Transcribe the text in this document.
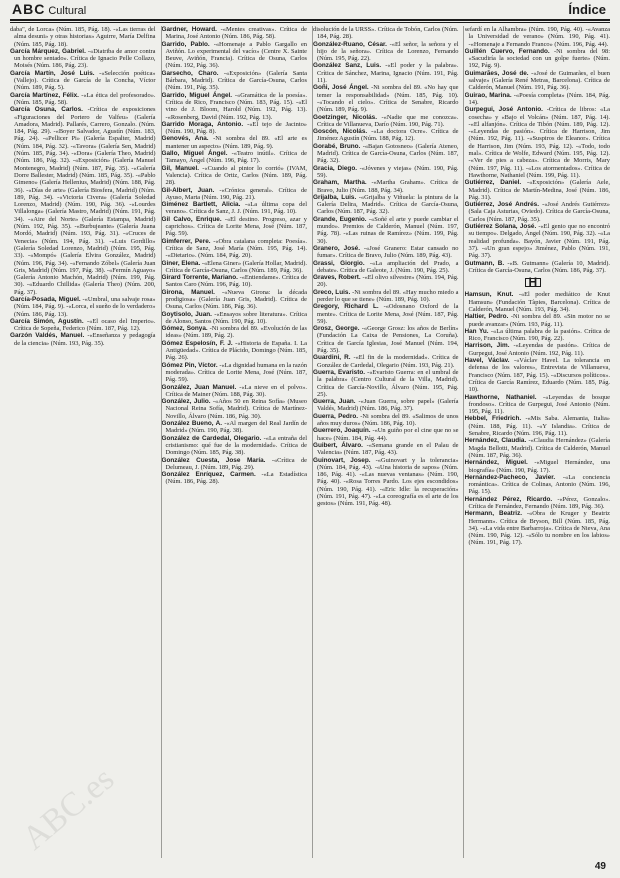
ABC Cultural	Índice

daba", de Lorca» (Núm. 185, Pág. 18). -«Las tierras del alma desuni» y otras historias» Aguirre, María Delfina (Núm. 185, Pág. 18).

García Márquez, Gabriel. -«Diatriba de amor contra un hombre sentado». Crítica de Ignacio Pelle Collazo, Moisés (Núm. 186, Pág. 23).

García Martín, José Luis. -«Selección poética» (Vallejo). Crítica de García de la Concha, Víctor (Núm. 189, Pág. 5).

García Martínez, Félix. -«La ética del profesorado». (Núm. 185, Pág. 58).

García Osuna, Carlos. -Crítica de exposiciones «Figuraciones del Portero de Valfeu» (Galería Amadora, Madrid). Pallarés, Carrero, Gonzalo. (Núm. 184, Pág. 29). -«Boyer Salvador, Agustín (Núm. 183, Pág. 24). -«Pellicer Pi» (Galería Espalter, Madrid) (Núm. 184, Pág. 32). -«Tavora» (Galería Sen, Madrid) (Núm. 185, Pág. 34). -«Dora» (Galería Theo, Madrid) (Núm. 186, Pág. 32). -«Exposición» (Galería Manuel Montenegro, Madrid) (Núm. 187, Pág. 35). -«Galería Dorre Ballester, Madrid) (Núm. 185, Pág. 35). -«Pablo Gimeno» (Galería Hellenius, Madrid) (Núm. 188, Pág. 36). -«Días de arte» (Galería Biosfera, Madrid) (Núm. 189, Pág. 34). -«Victoria Civera» (Galería Soledad Lorenzo, Madrid) (Núm. 190, Pág. 36). -«Lourdes Villalonga» (Galería Mastro, Madrid) (Núm. 191, Pág. 34). -«Aire del Norte» (Galería Estampa, Madrid) (Núm. 192, Pág. 35). -«Burbujeante» (Galería Juana Mordó, Madrid) (Núm. 193, Pág. 31). -«Cruces de Venecia» (Núm. 194, Pág. 31). -«Luis Gordillo» (Galería Soledad Lorenzo, Madrid) (Núm. 195, Pág. 33). -«Mompó» (Galería Elvira González, Madrid) (Núm. 196, Pág. 34). -«Fernando Zóbel» (Galería Juan Gris, Madrid) (Núm. 197, Pág. 38). -«Fermín Aguayo» (Galería Antonio Machón, Madrid) (Núm. 199, Pág. 30). -«Eduardo Chillida» (Galería Theo) (Núm. 200, Pág. 37).

García-Posada, Miguel. -«Umbral, una salvaje rosa» (Núm. 184, Pág. 9). -«Lorca, el sueño de lo verdadero» (Núm. 186, Pág. 13).

García Simón, Agustín. -«El ocaso del Imperio». Crítica de Sopeña, Federico (Núm. 187, Pág. 12).

Garzón Valdés, Manuel. -«Enseñanza y pedagogía de la ciencia» (Núm. 193, Pág. 35).

Gardner, Howard. -«Mentes creativas». Crítica de Marina, José Antonio (Núm. 186, Pág. 58).

Garrido, Pablo. -«Homenaje a Pablo Gargallo en Aviñón. Lo experimental del vacío» (Centre X. Sainte Beuve, Aviñón, Francia). Crítica de Osuna, Carlos (Núm. 192, Pág. 36).

Garsecho, Charo. -«Exposición» (Galería Santa Bárbara, Madrid). Crítica de García-Osuna, Carlos (Núm. 191, Pág. 35).

Garrido, Miguel Ángel. -«Gramática de la poesía». Crítica de Rico, Francisco (Núm. 183, Pág. 15). -«El vino de J. Bloom, Harold (Núm. 192, Pág. 13). -«Rosenberg, David (Núm. 192, Pág. 13).

Garrido Moraga, Antonio. -«El tejo de Jacinto» (Núm. 190, Pág. 8).

Genovés, Ana. -Ni sombra del 89. «El arte es mantener un aspecto» (Núm. 189, Pág. 9).

Gallo, Miguel Ángel. -«Teatro inútil». Crítica de Tamayo, Ángel (Núm. 196, Pág. 17).

Gil, Manuel. -«Cuando al pintor lo corrió» (IVAM, Valencia). Crítica de Ortiz, Carlos (Núm. 189, Pág. 28).

Gil-Albert, Juan. -«Crónica general». Crítica de Ayuso, Marta (Núm. 190, Pág. 21).

Giménez Bartlett, Alicia. -«La última copa del verano». Crítica de Sanz, J. J. (Núm. 191, Pág. 10).

Gil Calvo, Enrique. -«El destino. Progreso, azar y caprichos». Crítica de Lorite Mena, José (Núm. 187, Pág. 59).

Gimferrer, Pere. -«Obra catalana completa: Poesía». Crítica de Sanz, José María (Núm. 195, Pág. 14). -«Dietario». (Núm. 184, Pág. 20).

Giner, Elena. -«Elena Giner» (Galería Hollar, Madrid). Crítica de García-Osuna, Carlos (Núm. 189, Pág. 36).

Girard Torrente, Mariano. -«Entiendame». Crítica de Santos Caro (Núm. 196, Pág. 10).

Girona, Manuel. -«Nueva Girona: la década prodigiosa» (Galería Juan Gris, Madrid). Crítica de Osuna, Carlos (Núm. 186, Pág. 36).

Goytisolo, Juan. -«Ensayos sobre literatura». Crítica de Alonso, Santos (Núm. 190, Pág. 10).

Gómez, Sonya. -Ni sombra del 89. «Evolución de las ideas» (Núm. 189, Pág. 2).

Gómez Espelosín, F. J. -«Historia de España. I. La Antigüedad». Crítica de Plácido, Domingo (Núm. 185, Pág. 26).

Gómez Pin, Víctor. -«La dignidad humana en la razón moderada». Crítica de Lorite Mena, José (Núm. 187, Pág. 59).

González, Juan Manuel. -«La nieve en el polvo». Crítica de Mainer (Núm. 188, Pág. 30).

González, Julio. -«Años 50 en Reina Sofía» (Museo Nacional Reina Sofía, Madrid). Crítica de Martínez-Novillo, Álvaro (Núm. 186, Pág. 30).

González Bueno, A. -«Al margen del Real Jardín de Madrid» (Núm. 190, Pág. 38).

González de Cardedal, Olegario. -«La entraña del cristianismo: qué fue de la modernidad». Crítica de Domingo (Núm. 185, Pág. 38).

González Cuesta, Jose María. -«Crítica de Delumeau, J. (Núm. 189, Pág. 29).

González Enríquez, Carmen. -«La Estadística (Núm. 186, Pág. 28).

disolución de la URSS». Crítica de Tobón, Carlos (Núm. 184, Pág. 28).

González-Ruano, César. -«El señor, la señora y el hijo de la señora». Crítica de Lorenzo, Fernando (Núm. 195, Pág. 22).

González Sanz, Luis. -«El poder y la palabra». Crítica de Sánchez, Marina, Ignacio (Núm. 191, Pág. 11).

Goñi, José Ángel. -Ni sombra del 89. «No hay que temer la responsabilidad» (Núm. 185, Pág. 10). -«Tocando el cielo». Crítica de Senabre, Ricardo (Núm. 189, Pág. 9).

Goetzinger, Nicolás. -«Nadie que me conozca». Crítica de Villanueva, Darío (Núm. 190, Pág. 71).

Goscón, Nicolás. -«La doctora Ocre». Crítica de Jiménez Agustín (Núm. 188, Pág. 12).

Gorabé, Bruno. -«Bajan Gotosneo» (Galería Ateneo, Madrid). Crítica de García-Osuna, Carlos (Núm. 187, Pág. 32).

Gracia, Diego. -«Jóvenes y viejas» (Núm. 190, Pág. 59).

Graham, Martha. -«Martha Graham». Crítica de Bravo, Julio (Núm. 188, Pág. 34).

Grijalba, Luis. -«Grijalba y Viñuela: la pintura de la Galería Delira, Madrid». Crítica de García-Osuna, Carlos (Núm. 187, Pág. 32).

Grande, Eugenio. -«Soñé el arte y puede cambiar el mundo». Premios de Calderón, Manuel (Núm. 197, Pág. 78). -«Las ruinas de Ramírez» (Núm. 199, Pág. 30).

Granero, José. -«José Granero: Estar cansado no fumar». Crítica de Bravo, Julio (Núm. 189, Pág. 43).

Grassi, Giorgio. -«La ampliación del Prado, a debate». Crítica de Galeote, J. (Núm. 190, Pág. 25).

Graves, Robert. -«El olivo silvestre» (Núm. 194, Pág. 20).

Greco, Luis. -Ni sombra del 89. «Hay mucho miedo a perder lo que se tiene» (Núm. 189, Pág. 10).

Gregory, Richard L. -«Odosnano Oxford de la mente». Crítica de Lorite Mena, José (Núm. 187, Pág. 59).

Grosz, George. -«George Grosz: los años de Berlín» (Fundación La Caixa de Pensiones, La Coruña). Crítica de García Iglesias, José Manuel (Núm. 194, Pág. 35).

Guardini, R. -«El fin de la modernidad». Crítica de González de Cardedal, Olegario (Núm. 193, Pág. 21).

Guerra, Evaristo. -«Evaristo Guerra: en el umbral de la palabra» (Centro Cultural de la Villa, Madrid). Crítica de García-Novillo, Álvaro (Núm. 195, Pág. 25).

Guerra, Juan. -«Juan Guerra, sobre papel» (Galería Valdés, Madrid) (Núm. 186, Pág. 37).

Guerra, Pedro. -Ni sombra del 89. «Salimos de unos años muy duros» (Núm. 186, Pág. 10).

Guerrero, Joaquín. -«Un guiño por el cine que no se hace» (Núm. 184, Pág. 44).

Guibert, Álvaro. -«Semana grande en el Palau de Valencia» (Núm. 187, Pág. 43).

Guinovart, Josep. -«Guinovart y la tolerancia» (Núm. 184, Pág. 43). -«Una historia de sapos» (Núm. 186, Pág. 41). -«Las nuevas ventanas» (Núm. 190, Pág. 40). -«Rosa Torres Pardo. Los ejes escondidos» (Núm. 190, Pág. 41). -«Eric Idle: la recuperación» (Núm. 191, Pág. 47). -«La coreografía es el arte de los gestos» (Núm. 191, Pág. 48).

sefardí en la Alhambra» (Núm. 190, Pág. 40). -«Avanza la Universidad de verano» (Núm. 190, Pág. 41). -«Homenaje a Fernando Franco» (Núm. 196, Pág. 44).

Guillén Cuervo, Fernando. -Ni sombra del 98: «Sacudiría la sociedad con un golpe fuerte» (Núm. 192, Pág. 9).

Guimarães, José de. -«José de Guimarães, el buen salvaje» (Galería René Metras, Barcelona). Crítica de Calderón, Manuel (Núm. 191, Pág. 36).

Guirao, Marina. -«Poesía completa» (Núm. 184, Pág. 14).

Gurpegui, José Antonio. -Crítica de libros: «La cosecha» y «Bajo el Volcán» (Núm. 187, Pág. 14). -«El alfanjón». Crítica de Tibón (Núm. 189, Pág. 12). -«Leyendas de pasión». Crítica de Harrison, Jim (Núm. 192, Pág. 11). -«Suspiros de Eleanor». Crítica de Harrison, Jim (Núm. 193, Pág. 12). -«Todo, todo mal». Crítica de Wolfe, Edward (Núm. 195, Pág. 12). -«Ver de pies a cabeza». Crítica de Morris, Mary (Núm. 197, Pág. 11). -«Los atormentados». Crítica de Hawthorne, Nathaniel (Núm. 199, Pág. 11).

Gutiérrez, Daniel. -«Exposición» (Galería Aele, Madrid). Crítica de Martín-Medina, José (Núm. 186, Pág. 31).

Gutiérrez, José Andrés. -«José Andrés Gutiérrez» (Sala Caja Asturias, Oviedo). Crítica de García-Osuna, Carlos (Núm. 187, Pág. 35).

Gutiérrez Solana, José. -«El genio que no encontró su tiempo». Delgado, Ángel (Núm. 190, Pág. 32). -«La realidad profunda». Bayón, Javier (Núm. 191, Pág. 37). -«Un gran espejo» Jiménez, Pablo (Núm. 191, Pág. 37).

Gutmann, B. -«B. Gutmann» (Galería 10, Madrid). Crítica de García-Osuna, Carlos (Núm. 186, Pág. 37).

H

Hamsun, Knut. -«El poder mediático de Knut Hamsun» (Fundación Tàpies, Barcelona). Crítica de Calderón, Manuel (Núm. 193, Pág. 34).

Haltier, Pedro. -Ni sombra del 89. «Sin motor no se puede avanzar» (Núm. 193, Pág. 11).

Han Yu. -«La última palabra de la pasión». Crítica de Rico, Francisco (Núm. 190, Pág. 22).

Harrison, Jim. -«Leyendas de pasión». Crítica de Gurpegui, José Antonio (Núm. 192, Pág. 11).

Havel, Václav. -«Václav Havel. La tolerancia en defensa de los valores», Entrevista de Villanueva, Francisco (Núm. 187, Pág. 15). -«Discursos políticos». Crítica de García Ramírez, Eduardo (Núm. 185, Pág. 10).

Hawthorne, Nathaniel. -«Leyendas de bosque frondoso». Crítica de Gurpegui, José Antonio (Núm. 195, Pág. 11).

Hebbel, Friedrich. -«Mis Saba. Alemania, Italia» (Núm. 188, Pág. 11). -«Y Islandia». Crítica de Senabre, Ricardo (Núm. 196, Pág. 11).

Hernández, Claudia. -«Claudia Hernández» (Galería Magda Bellotti, Madrid). Crítica de Calderón, Manuel (Núm. 187, Pág. 36).

Hernández, Miguel. -«Miguel Hernández, una biografía» (Núm. 190, Pág. 17).

Hernández-Pacheco, Javier. -«La conciencia romántica». Crítica de Colinas, Antonio (Núm. 196, Pág. 15).

Hernández Pérez, Ricardo. -«Pérez, Gonzalo». Crítica de Fernández, Fernando (Núm. 189, Pág. 36).

Hermann, Beatriz. -«Obra de Kruger y Beatriz Hermann». Crítica de Bryson, Bill (Núm. 185, Pág. 34). -«La vida entre Barbarroja». Crítica de Nieva, Ana (Núm. 190, Pág. 12). -«Sólo tu nombre en los labios» (Núm. 191, Pág. 17).

ABC.es
49
